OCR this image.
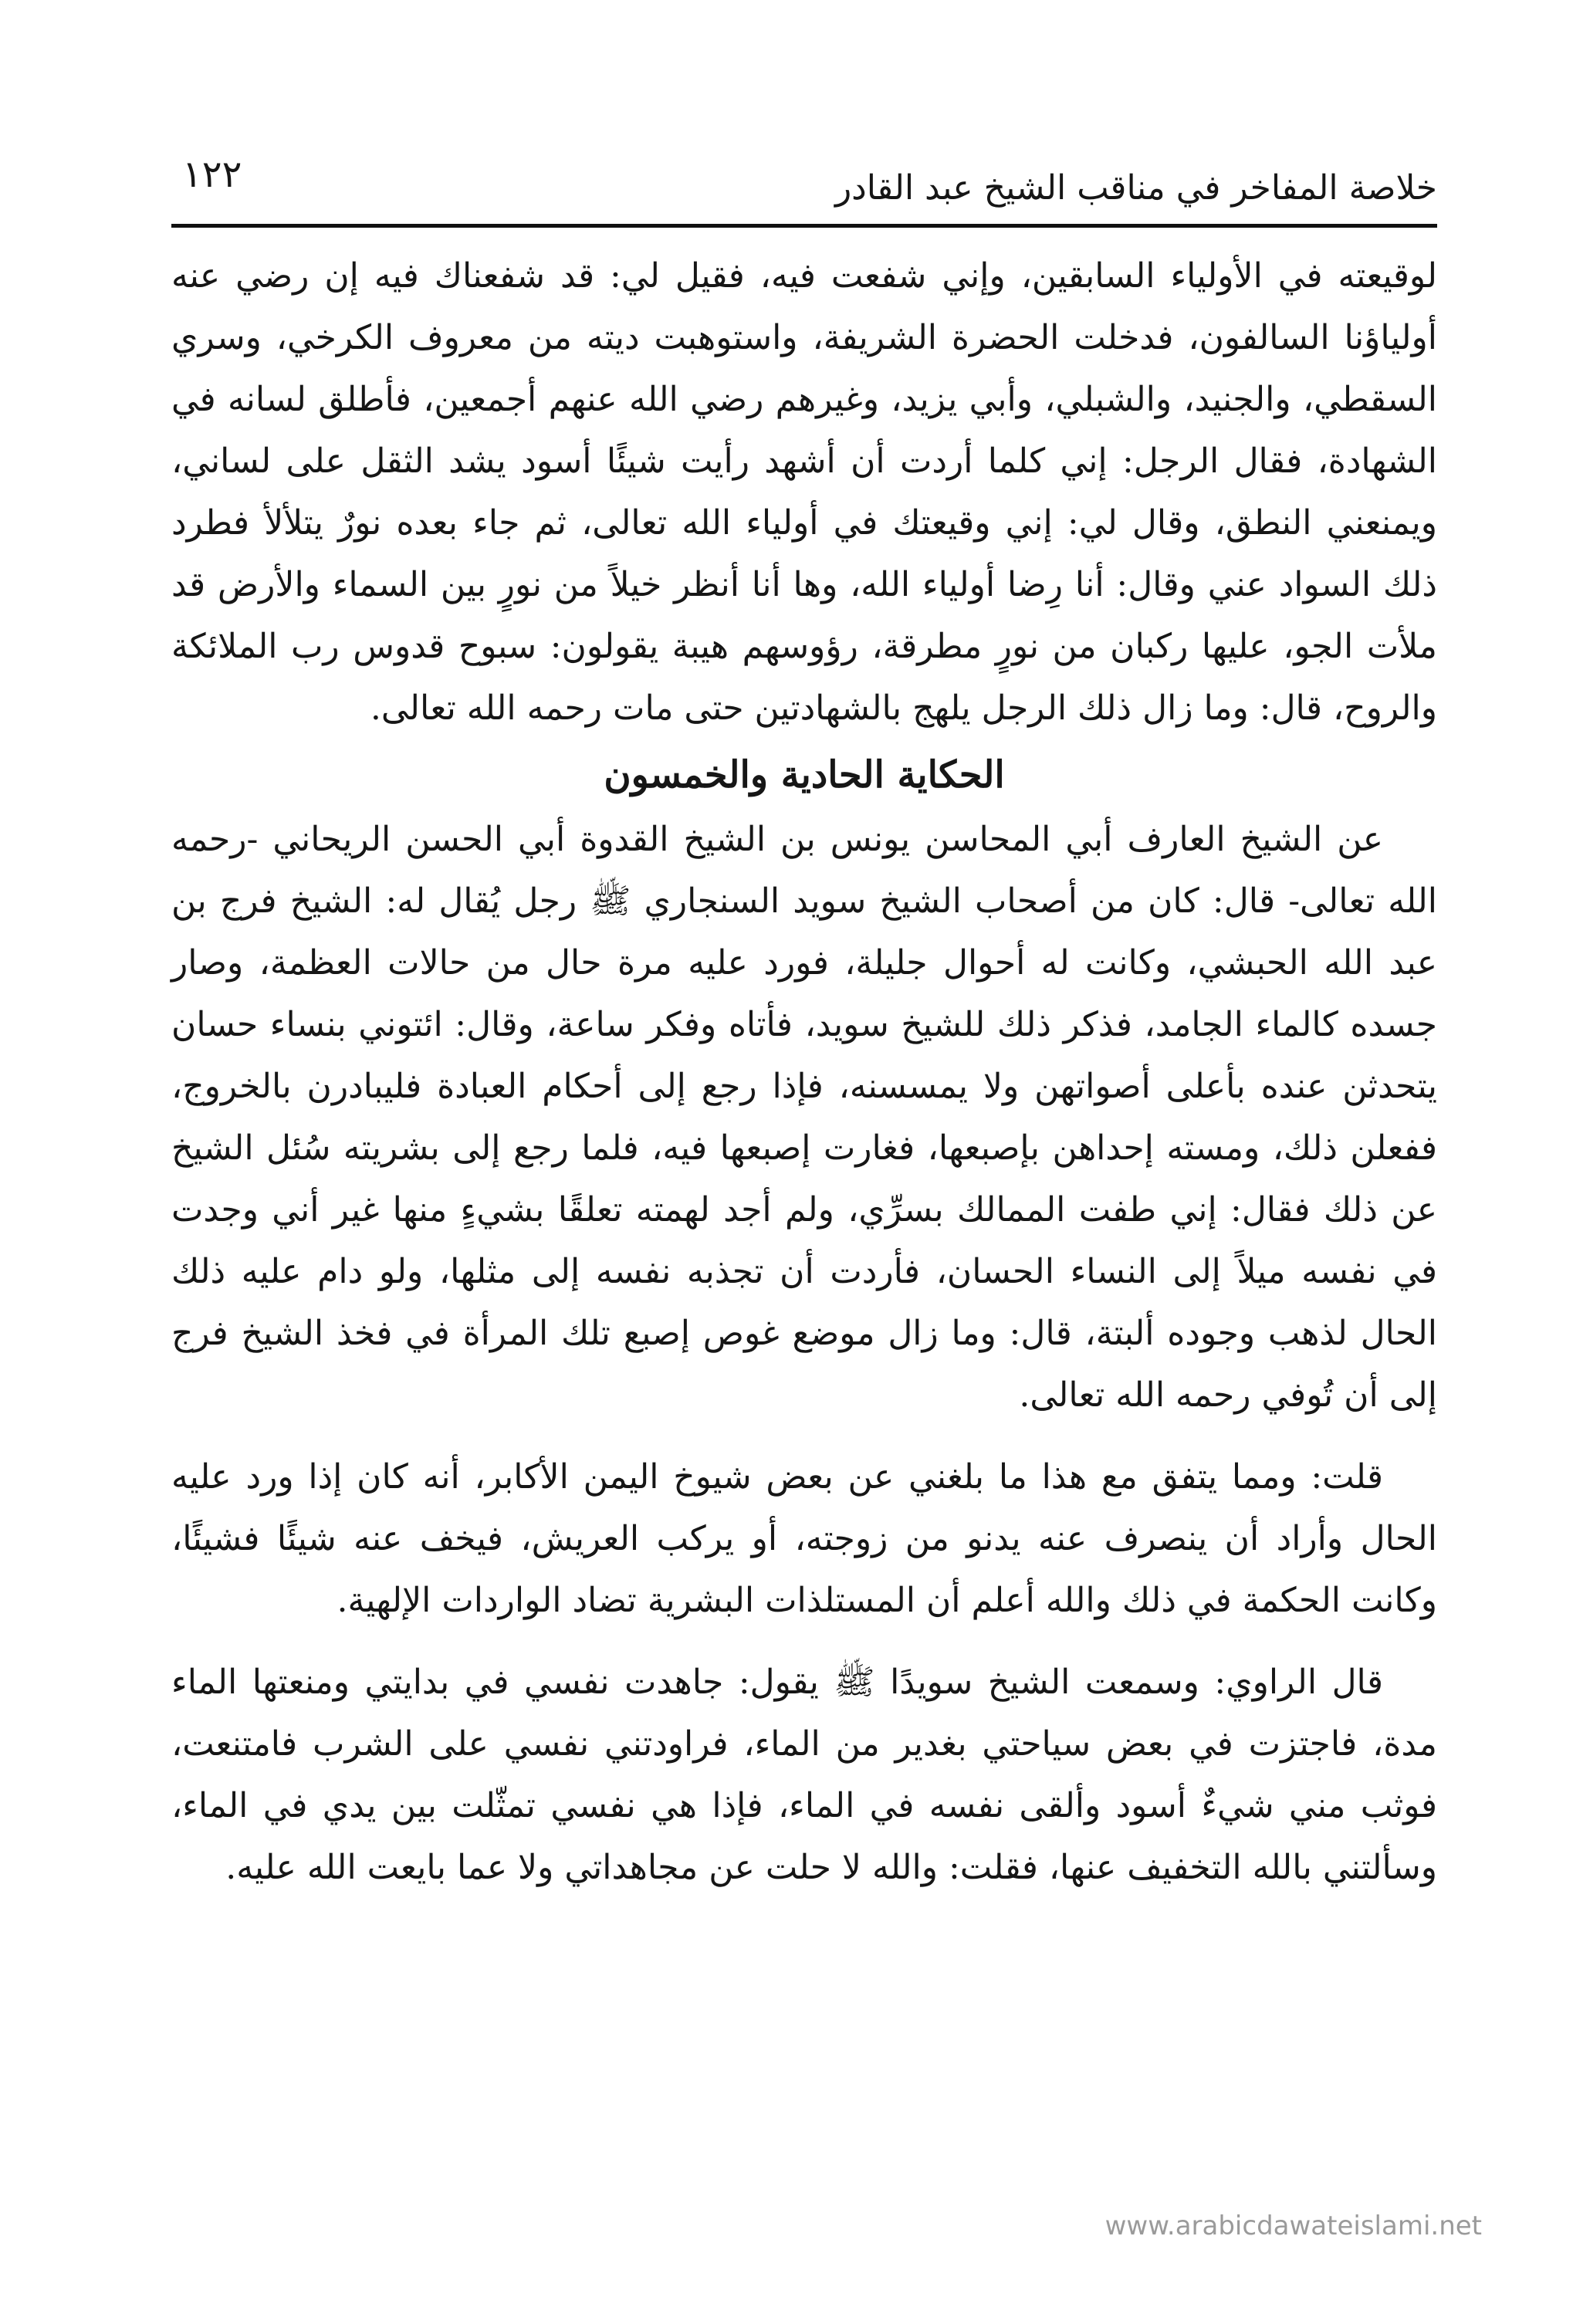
خلاصة المفاخر في مناقب الشيخ عبد القادر
١٢٢

لوقيعته في الأولياء السابقين، وإني شفعت فيه، فقيل لي: قد شفعناك فيه إن رضي عنه أولياؤنا السالفون، فدخلت الحضرة الشريفة، واستوهبت ديته من معروف الكرخي، وسري السقطي، والجنيد، والشبلي، وأبي يزيد، وغيرهم رضي الله عنهم أجمعين، فأطلق لسانه في الشهادة، فقال الرجل: إني كلما أردت أن أشهد رأيت شيئًا أسود يشد الثقل على لساني، ويمنعني النطق، وقال لي: إني وقيعتك في أولياء الله تعالى، ثم جاء بعده نورٌ يتلألأ فطرد ذلك السواد عني وقال: أنا رِضا أولياء الله، وها أنا أنظر خيلاً من نورٍ بين السماء والأرض قد ملأت الجو، عليها ركبان من نورٍ مطرقة، رؤوسهم هيبة يقولون: سبوح قدوس رب الملائكة والروح، قال: وما زال ذلك الرجل يلهج بالشهادتين حتى مات رحمه الله تعالى.

الحكاية الحادية والخمسون

عن الشيخ العارف أبي المحاسن يونس بن الشيخ القدوة أبي الحسن الريحاني -رحمه الله تعالى- قال: كان من أصحاب الشيخ سويد السنجاري ﷺ رجل يُقال له: الشيخ فرج بن عبد الله الحبشي، وكانت له أحوال جليلة، فورد عليه مرة حال من حالات العظمة، وصار جسده كالماء الجامد، فذكر ذلك للشيخ سويد، فأتاه وفكر ساعة، وقال: ائتوني بنساء حسان يتحدثن عنده بأعلى أصواتهن ولا يمسسنه، فإذا رجع إلى أحكام العبادة فليبادرن بالخروج، ففعلن ذلك، ومسته إحداهن بإصبعها، فغارت إصبعها فيه، فلما رجع إلى بشريته سُئل الشيخ عن ذلك فقال: إني طفت الممالك بسرِّي، ولم أجد لهمته تعلقًا بشيءٍ منها غير أني وجدت في نفسه ميلاً إلى النساء الحسان، فأردت أن تجذبه نفسه إلى مثلها، ولو دام عليه ذلك الحال لذهب وجوده ألبتة، قال: وما زال موضع غوص إصبع تلك المرأة في فخذ الشيخ فرج إلى أن تُوفي رحمه الله تعالى.

قلت: ومما يتفق مع هذا ما بلغني عن بعض شيوخ اليمن الأكابر، أنه كان إذا ورد عليه الحال وأراد أن ينصرف عنه يدنو من زوجته، أو يركب العريش، فيخف عنه شيئًا فشيئًا، وكانت الحكمة في ذلك والله أعلم أن المستلذات البشرية تضاد الواردات الإلهية.

قال الراوي: وسمعت الشيخ سويدًا ﷺ يقول: جاهدت نفسي في بدايتي ومنعتها الماء مدة، فاجتزت في بعض سياحتي بغدير من الماء، فراودتني نفسي على الشرب فامتنعت، فوثب مني شيءٌ أسود وألقى نفسه في الماء، فإذا هي نفسي تمثّلت بين يدي في الماء، وسألتني بالله التخفيف عنها، فقلت: والله لا حلت عن مجاهداتي ولا عما بايعت الله عليه.

www.arabicdawateislami.net
